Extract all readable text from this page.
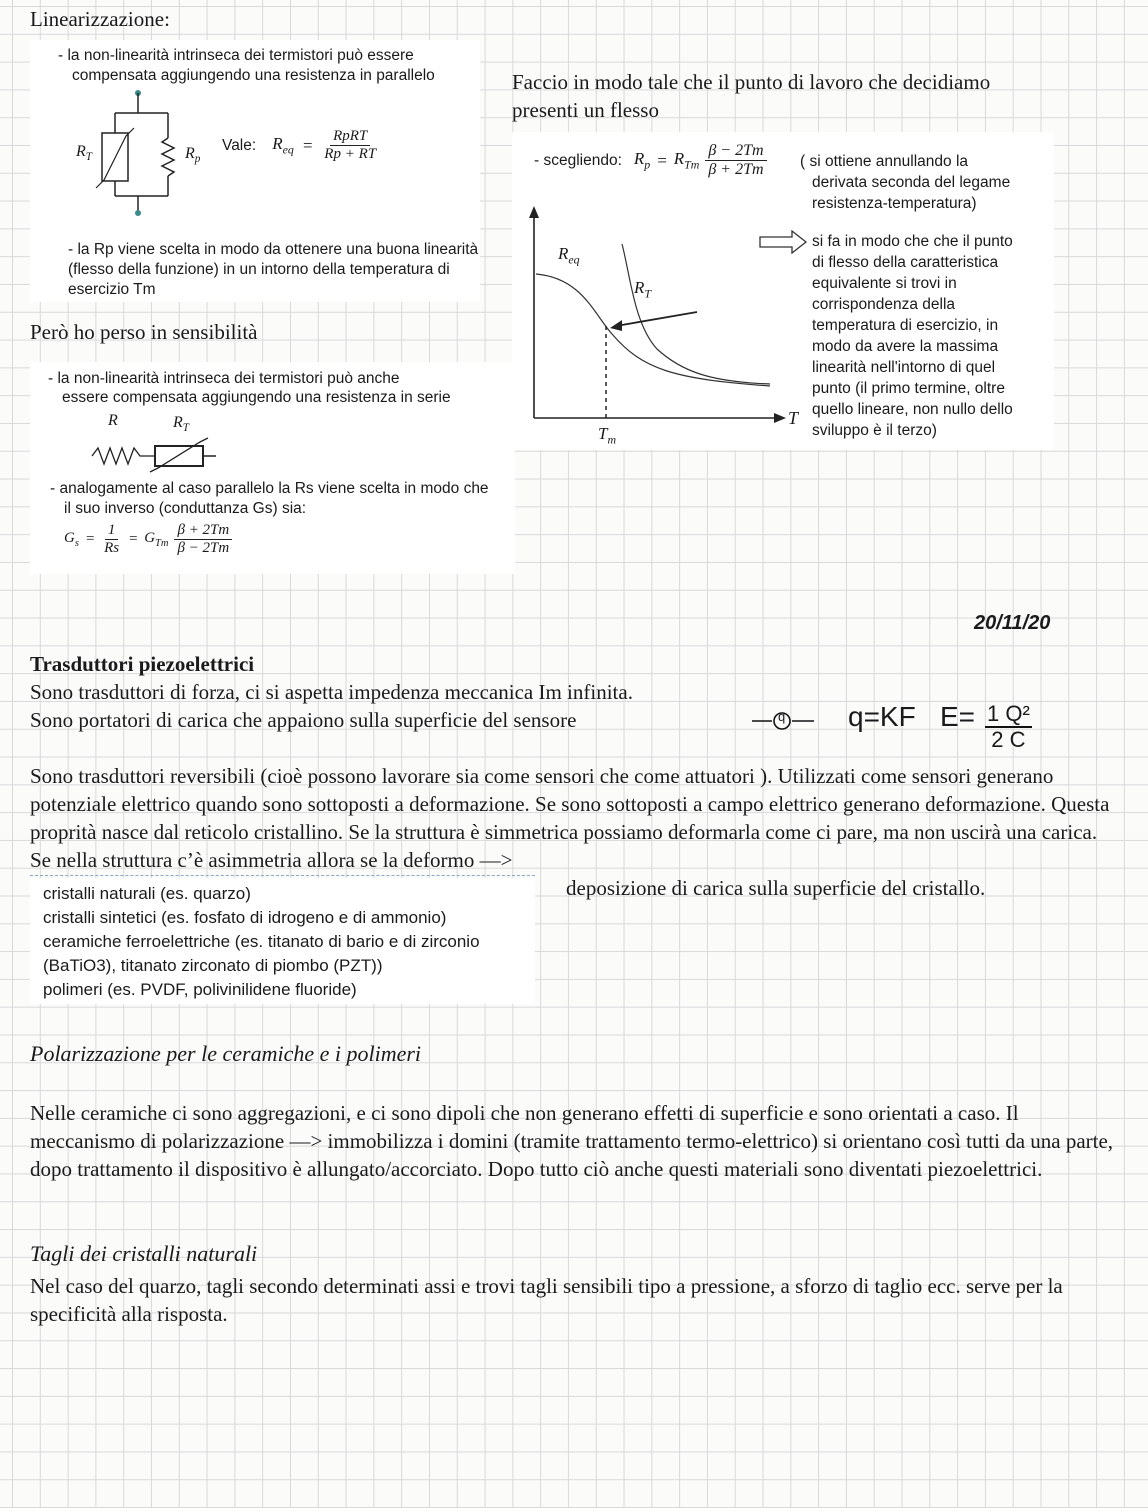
Linearizzazione:
- la non-linearità intrinseca dei termistori può essere
compensata aggiungendo una resistenza in parallelo
$R_T$	$R_p$
Vale: $R_{eq} = \frac{\text{RpRT}}{Rp + RT}$
- la Rp viene scelta in modo da ottenere una buona linearità
(flesso della funzione) in un intorno della temperatura di
esercizio Tm
Faccio in modo tale che il punto di lavoro che decidiamo
presenti un flesso
Però ho perso in sensibilità
- la non-linearità intrinseca dei termistori può anche
essere compensata aggiungendo una resistenza in serie
R	$R_T$
- analogamente al caso parallelo la Rs viene scelta in modo che
il suo inverso (conduttanza Gs) sia:
$G_s = \frac{1}{Rs} = G_{Tm} \frac{\beta + 2Tm}{\beta - 2Tm}$
- scegliendo: $R_p = R_{Tm} \frac{\beta - 2Tm}{\beta + 2Tm}$ ( si ottiene annullando la
derivata seconda del legame
resistenza-temperatura)
si fa in modo che che il punto
di flesso della caratteristica
equivalente si trovi in
corrispondenza della
temperatura di esercizio, in
modo da avere la massima
linearità nell'intorno di quel
punto (il primo termine, oltre
quello lineare, non nullo dello
sviluppo è il terzo)
$R_{eq}$
$R_T$
T
$T_m$
20/11/20
Trasduttori piezoelettrici
Sono trasduttori di forza, ci si aspetta impedenza meccanica Im infinita.
Sono portatori di carica che appaiono sulla superficie del sensore	q q=KF $E= \frac{\text{1 Q²}}{2 C}$
Sono trasduttori reversibili (cioè possono lavorare sia come sensori che come attuatori ). Utilizzati come sensori generano potenziale elettrico quando sono sottoposti a deformazione. Se sono sottoposti a campo elettrico generano deformazione. Questa proprità nasce dal reticolo cristallino. Se la struttura è simmetrica possiamo deformarla come ci pare, ma non uscirà una carica. Se nella struttura c’è asimmetria allora se la deformo —>
deposizione di carica sulla superficie del cristallo.
cristalli naturali (es. quarzo)
cristalli sintetici (es. fosfato di idrogeno e di ammonio)
ceramiche ferroelettriche (es. titanato di bario e di zirconio
(BaTiO3), titanato zirconato di piombo (PZT))
polimeri (es. PVDF, polivinilidene fluoride)
Polarizzazione per le ceramiche e i polimeri
Nelle ceramiche ci sono aggregazioni, e ci sono dipoli che non generano effetti di superficie e sono orientati a caso. Il meccanismo di polarizzazione —> immobilizza i domini (tramite trattamento termo-elettrico) si orientano così tutti da una parte, dopo trattamento il dispositivo è allungato/accorciato. Dopo tutto ciò anche questi materiali sono diventati piezoelettrici.
Tagli dei cristalli naturali
Nel caso del quarzo, tagli secondo determinati assi e trovi tagli sensibili tipo a pressione, a sforzo di taglio ecc. serve per la specificità alla risposta.
